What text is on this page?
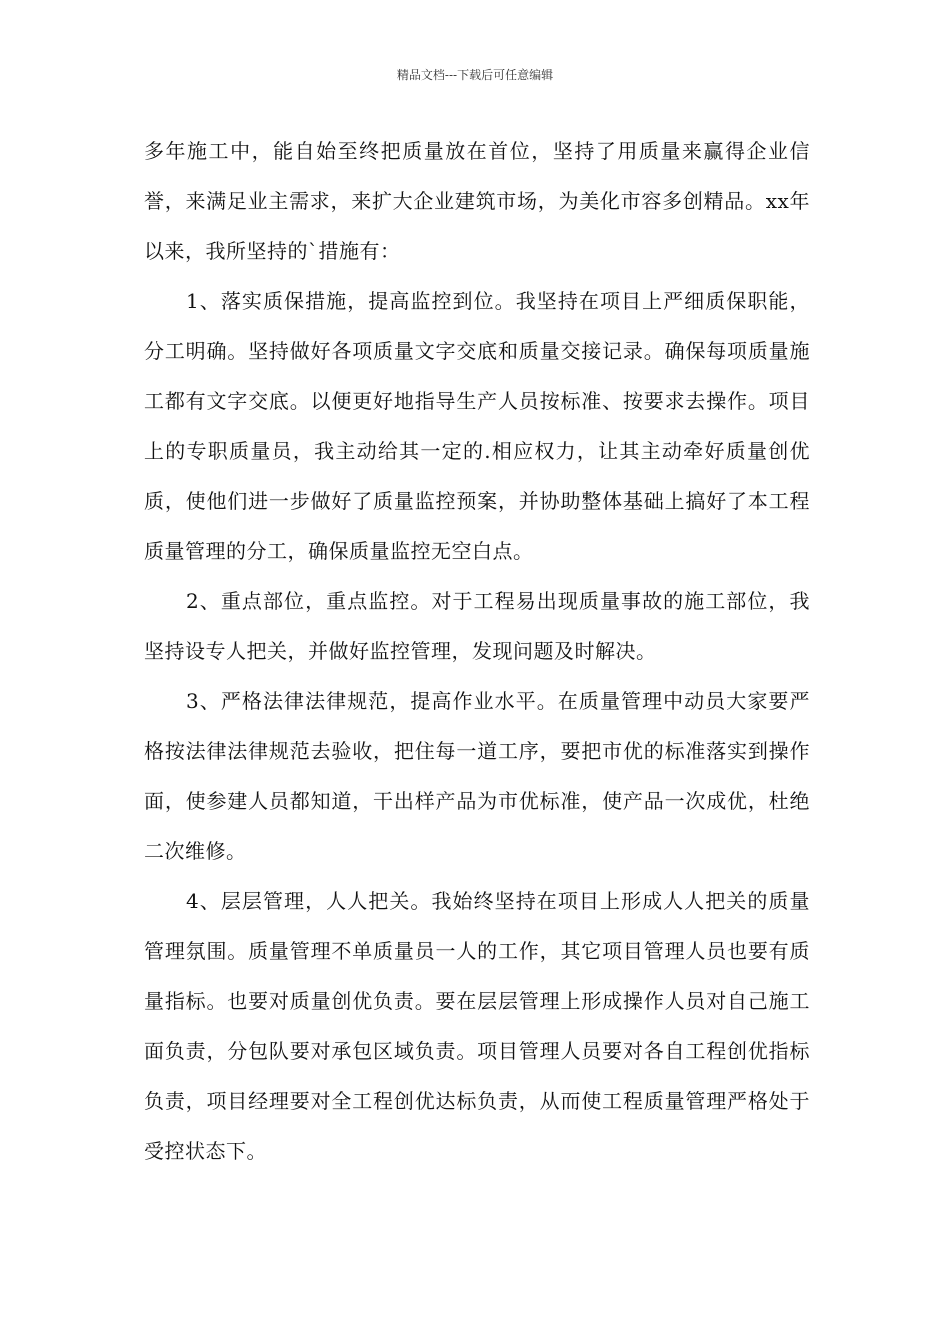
精品文档---下载后可任意编辑

多年施工中，能自始至终把质量放在首位，坚持了用质量来赢得企业信誉，来满足业主需求，来扩大企业建筑市场，为美化市容多创精品。xx年以来，我所坚持的`措施有：

1、落实质保措施，提高监控到位。我坚持在项目上严细质保职能，分工明确。坚持做好各项质量文字交底和质量交接记录。确保每项质量施工都有文字交底。以便更好地指导生产人员按标准、按要求去操作。项目上的专职质量员，我主动给其一定的.相应权力，让其主动牵好质量创优质，使他们进一步做好了质量监控预案，并协助整体基础上搞好了本工程质量管理的分工，确保质量监控无空白点。

2、重点部位，重点监控。对于工程易出现质量事故的施工部位，我坚持设专人把关，并做好监控管理，发现问题及时解决。

3、严格法律法律规范，提高作业水平。在质量管理中动员大家要严格按法律法律规范去验收，把住每一道工序，要把市优的标准落实到操作面，使参建人员都知道，干出样产品为市优标准，使产品一次成优，杜绝二次维修。

4、层层管理，人人把关。我始终坚持在项目上形成人人把关的质量管理氛围。质量管理不单质量员一人的工作，其它项目管理人员也要有质量指标。也要对质量创优负责。要在层层管理上形成操作人员对自己施工面负责，分包队要对承包区域负责。项目管理人员要对各自工程创优指标负责，项目经理要对全工程创优达标负责，从而使工程质量管理严格处于受控状态下。
